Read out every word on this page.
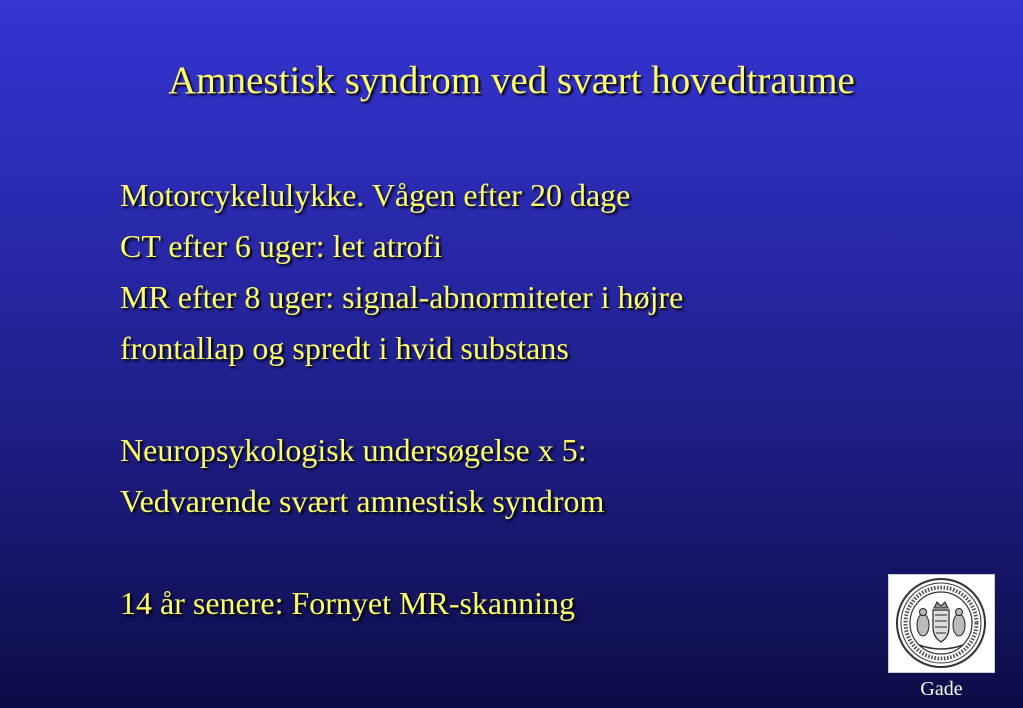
Amnestisk syndrom ved svært hovedtraume
Motorcykelulykke. Vågen efter 20 dage
CT efter 6 uger: let atrofi
MR efter 8 uger: signal-abnormiteter i højre
frontallap og spredt i hvid substans
Neuropsykologisk undersøgelse x 5:
Vedvarende svært amnestisk syndrom
14 år senere: Fornyet MR-skanning
Gade
